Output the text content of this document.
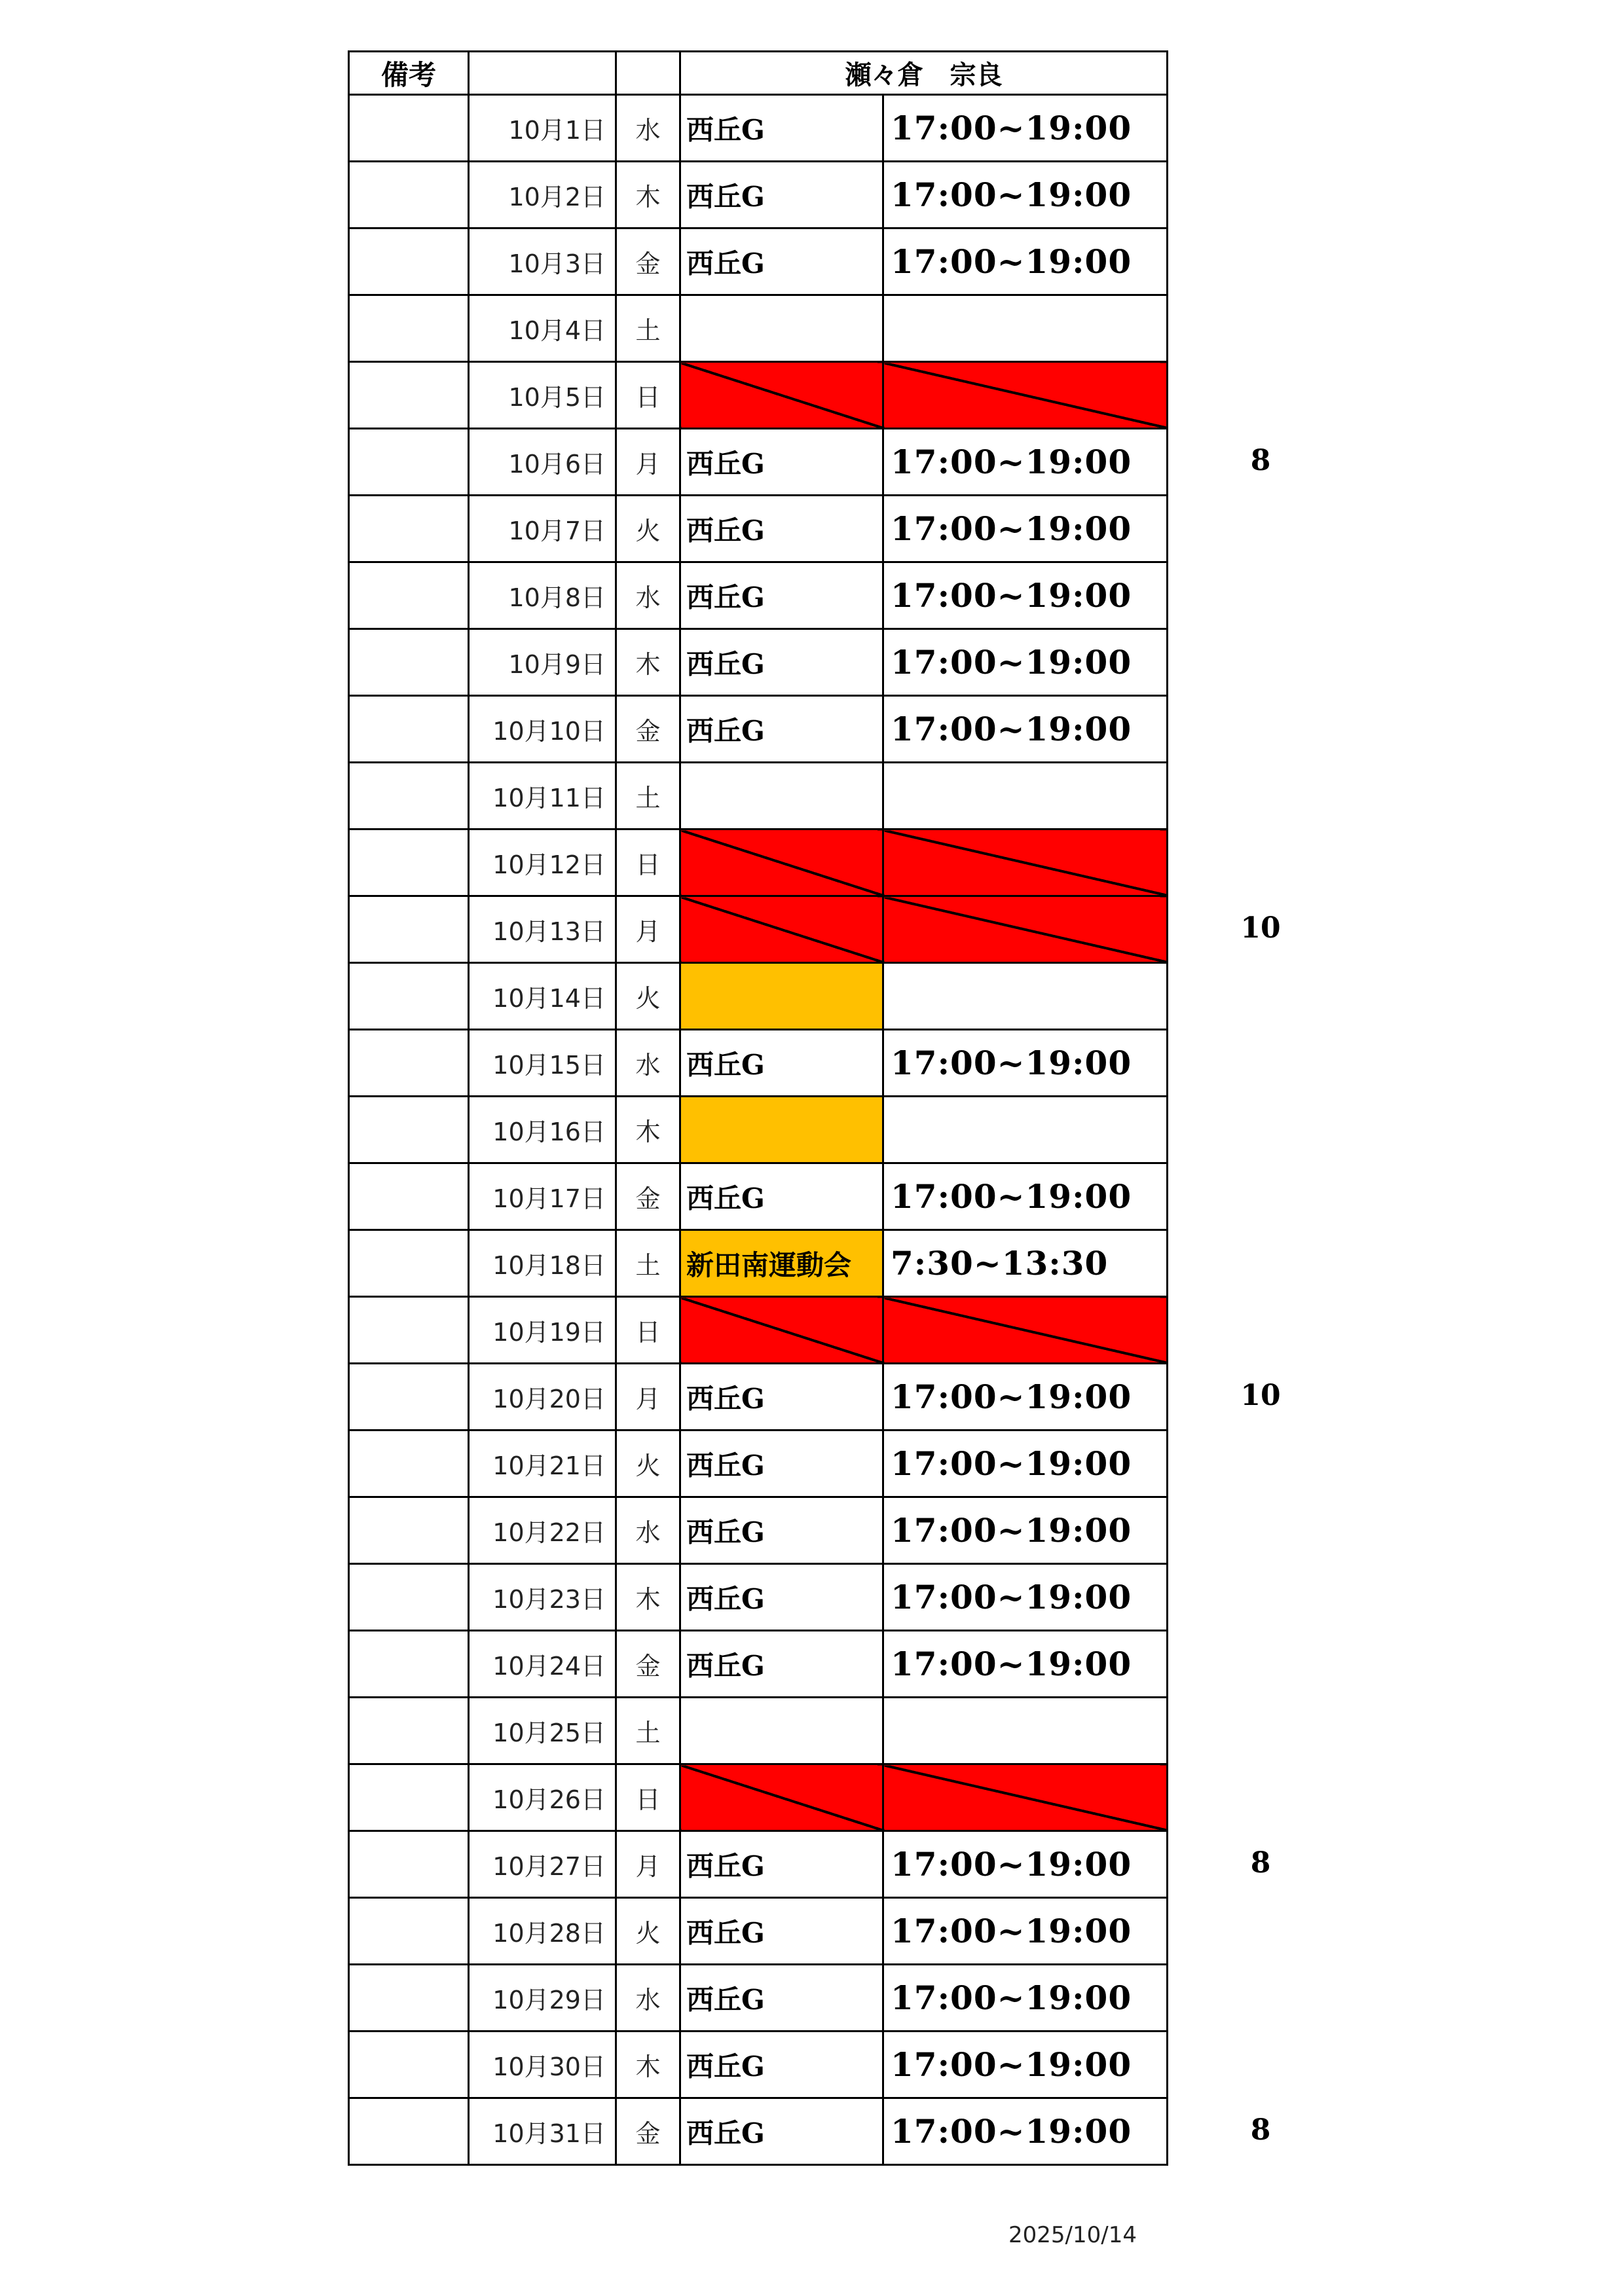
備考			瀬々倉　宗良	
	10月1日	水	西丘G	17:00~19:00
	10月2日	木	西丘G	17:00~19:00
	10月3日	金	西丘G	17:00~19:00
	10月4日	土		
	10月5日	日		
	10月6日	月	西丘G	17:00~19:00
	10月7日	火	西丘G	17:00~19:00
	10月8日	水	西丘G	17:00~19:00
	10月9日	木	西丘G	17:00~19:00
	10月10日	金	西丘G	17:00~19:00
	10月11日	土		
	10月12日	日		
	10月13日	月		
	10月14日	火		
	10月15日	水	西丘G	17:00~19:00
	10月16日	木		
	10月17日	金	西丘G	17:00~19:00
	10月18日	土	新田南運動会	7:30~13:30
	10月19日	日		
	10月20日	月	西丘G	17:00~19:00
	10月21日	火	西丘G	17:00~19:00
	10月22日	水	西丘G	17:00~19:00
	10月23日	木	西丘G	17:00~19:00
	10月24日	金	西丘G	17:00~19:00
	10月25日	土		
	10月26日	日		
	10月27日	月	西丘G	17:00~19:00
	10月28日	火	西丘G	17:00~19:00
	10月29日	水	西丘G	17:00~19:00
	10月30日	木	西丘G	17:00~19:00
	10月31日	金	西丘G	17:00~19:00
8
10
10
8
8
2025/10/14
